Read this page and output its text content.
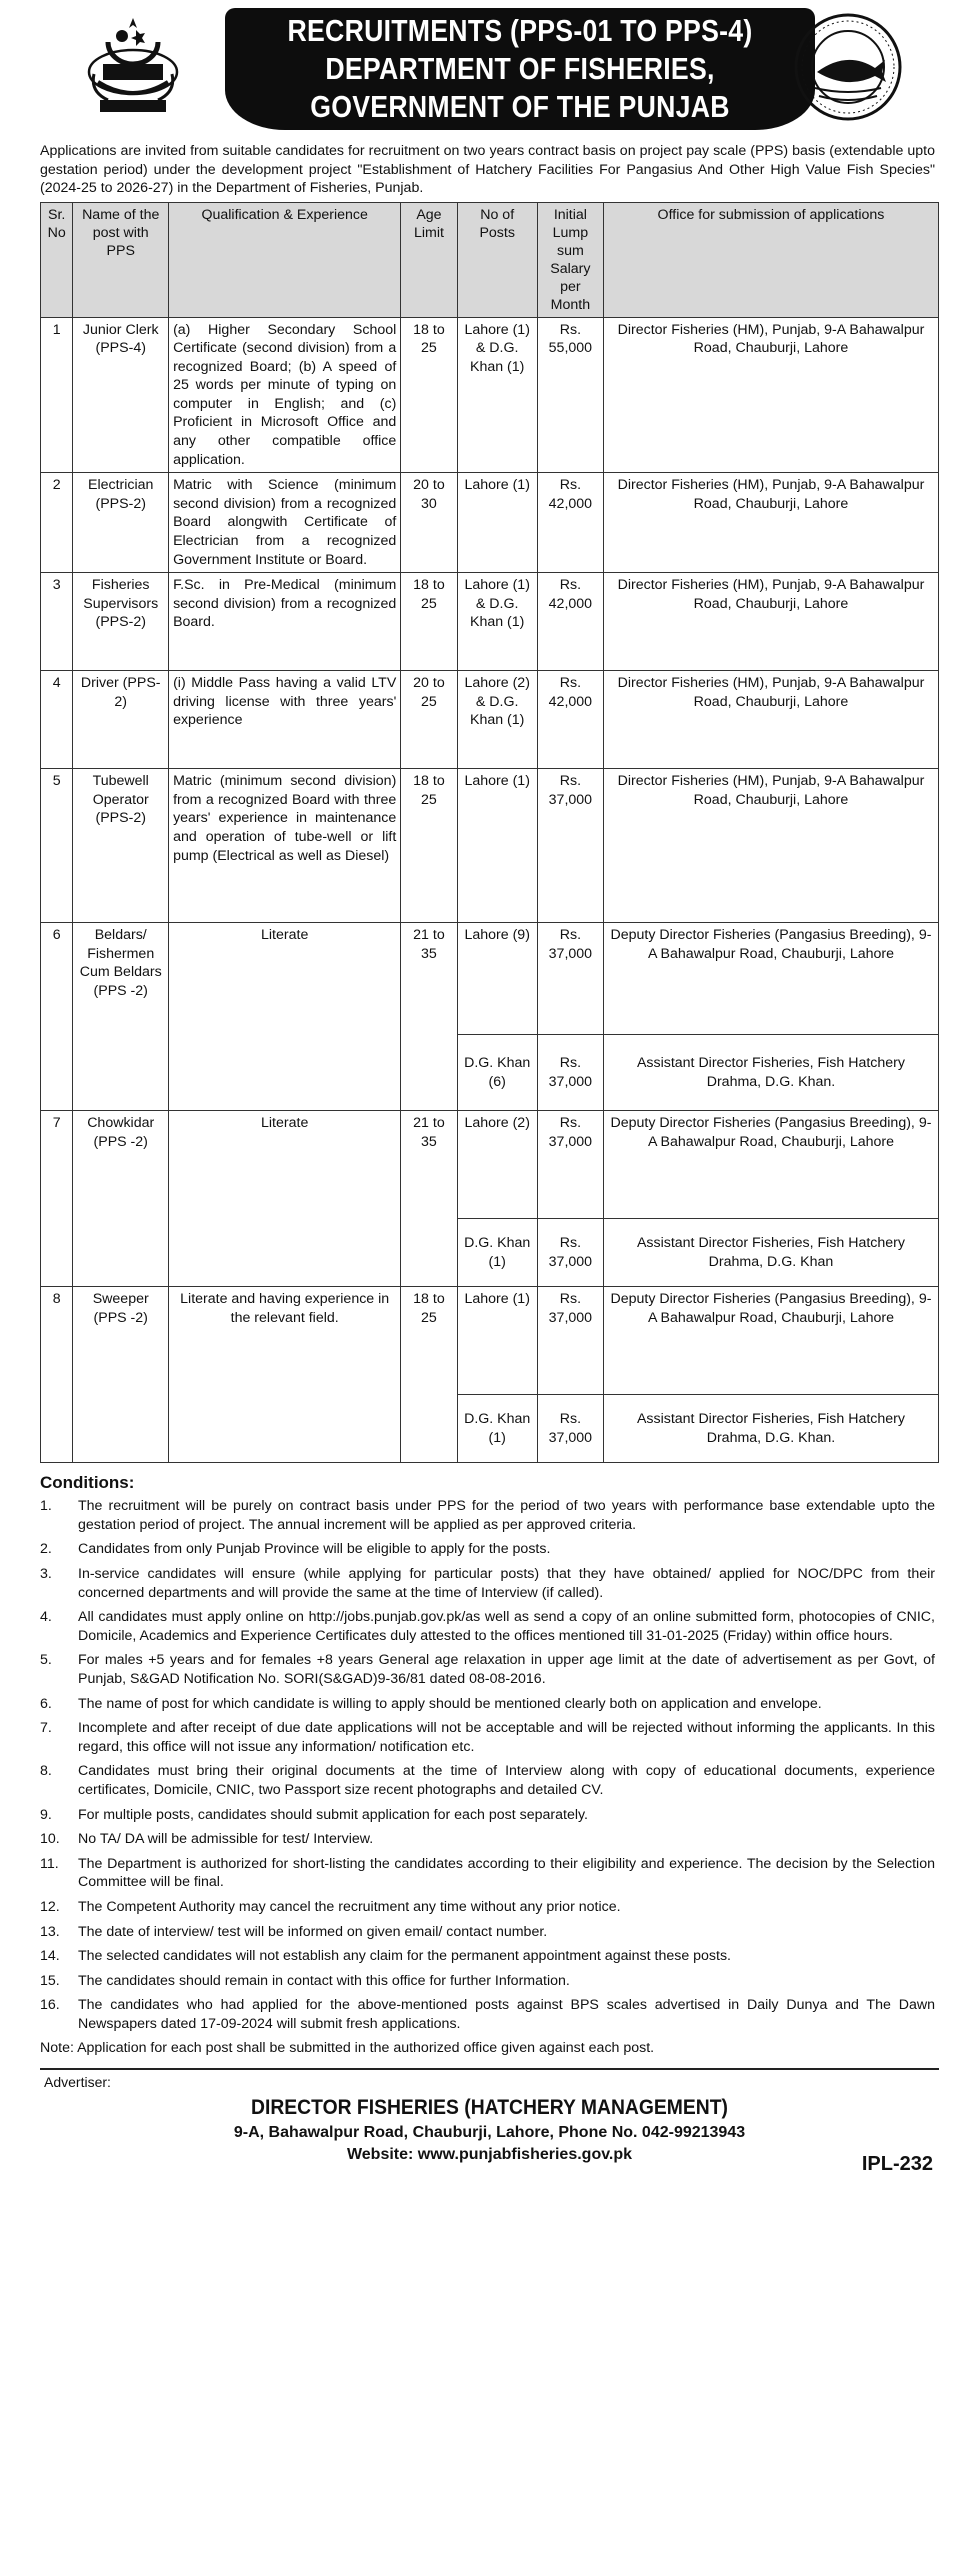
RECRUITMENTS (PPS-01 TO PPS-4)
DEPARTMENT OF FISHERIES,
GOVERNMENT OF THE PUNJAB

Applications are invited from suitable candidates for recruitment on two years contract basis on project pay scale (PPS) basis (extendable upto gestation period) under the development project "Establishment of Hatchery Facilities For Pangasius And Other High Value Fish Species" (2024-25 to 2026-27) in the Department of Fisheries, Punjab.

Sr. No	Name of the post with PPS	Qualification & Experience	Age Limit	No of Posts	Initial Lump sum Salary per Month	Office for submission of applications
1	Junior Clerk (PPS-4)	(a) Higher Secondary School Certificate (second division) from a recognized Board; (b) A speed of 25 words per minute of typing on computer in English; and (c) Proficient in Microsoft Office and any other compatible office application.	18 to 25	Lahore (1) & D.G. Khan (1)	Rs. 55,000	Director Fisheries (HM), Punjab, 9-A Bahawalpur Road, Chauburji, Lahore
2	Electrician (PPS-2)	Matric with Science (minimum second division) from a recognized Board alongwith Certificate of Electrician from a recognized Government Institute or Board.	20 to 30	Lahore (1)	Rs. 42,000	Director Fisheries (HM), Punjab, 9-A Bahawalpur Road, Chauburji, Lahore
3	Fisheries Supervisors (PPS-2)	F.Sc. in Pre-Medical (minimum second division) from a recognized Board.	18 to 25	Lahore (1) & D.G. Khan (1)	Rs. 42,000	Director Fisheries (HM), Punjab, 9-A Bahawalpur Road, Chauburji, Lahore
4	Driver (PPS-2)	(i) Middle Pass having a valid LTV driving license with three years' experience	20 to 25	Lahore (2) & D.G. Khan (1)	Rs. 42,000	Director Fisheries (HM), Punjab, 9-A Bahawalpur Road, Chauburji, Lahore
5	Tubewell Operator (PPS-2)	Matric (minimum second division) from a recognized Board with three years' experience in maintenance and operation of tube-well or lift pump (Electrical as well as Diesel)	18 to 25	Lahore (1)	Rs. 37,000	Director Fisheries (HM), Punjab, 9-A Bahawalpur Road, Chauburji, Lahore
6	Beldars/ Fishermen Cum Beldars (PPS -2)	Literate	21 to 35	Lahore (9)	Rs. 37,000	Deputy Director Fisheries (Pangasius Breeding), 9-A Bahawalpur Road, Chauburji, Lahore
				D.G. Khan (6)	Rs. 37,000	Assistant Director Fisheries, Fish Hatchery Drahma, D.G. Khan.
7	Chowkidar (PPS -2)	Literate	21 to 35	Lahore (2)	Rs. 37,000	Deputy Director Fisheries (Pangasius Breeding), 9-A Bahawalpur Road, Chauburji, Lahore
				D.G. Khan (1)	Rs. 37,000	Assistant Director Fisheries, Fish Hatchery Drahma, D.G. Khan
8	Sweeper (PPS -2)	Literate and having experience in the relevant field.	18 to 25	Lahore (1)	Rs. 37,000	Deputy Director Fisheries (Pangasius Breeding), 9-A Bahawalpur Road, Chauburji, Lahore
				D.G. Khan (1)	Rs. 37,000	Assistant Director Fisheries, Fish Hatchery Drahma, D.G. Khan.
Conditions:
1.	The recruitment will be purely on contract basis under PPS for the period of two years with performance base extendable upto the gestation period of project. The annual increment will be applied as per approved criteria.
2.	Candidates from only Punjab Province will be eligible to apply for the posts.
3.	In-service candidates will ensure (while applying for particular posts) that they have obtained/ applied for NOC/DPC from their concerned departments and will provide the same at the time of Interview (if called).
4.	All candidates must apply online on http://jobs.punjab.gov.pk/as well as send a copy of an online submitted form, photocopies of CNIC, Domicile, Academics and Experience Certificates duly attested to the offices mentioned till 31-01-2025 (Friday) within office hours.
5.	For males +5 years and for females +8 years General age relaxation in upper age limit at the date of advertisement as per Govt, of Punjab, S&GAD Notification No. SORI(S&GAD)9-36/81 dated 08-08-2016.
6.	The name of post for which candidate is willing to apply should be mentioned clearly both on application and envelope.
7.	Incomplete and after receipt of due date applications will not be acceptable and will be rejected without informing the applicants. In this regard, this office will not issue any information/ notification etc.
8.	Candidates must bring their original documents at the time of Interview along with copy of educational documents, experience certificates, Domicile, CNIC, two Passport size recent photographs and detailed CV.
9.	For multiple posts, candidates should submit application for each post separately.
10.	No TA/ DA will be admissible for test/ Interview.
11.	The Department is authorized for short-listing the candidates according to their eligibility and experience. The decision by the Selection Committee will be final.
12.	The Competent Authority may cancel the recruitment any time without any prior notice.
13.	The date of interview/ test will be informed on given email/ contact number.
14.	The selected candidates will not establish any claim for the permanent appointment against these posts.
15.	The candidates should remain in contact with this office for further Information.
16.	The candidates who had applied for the above-mentioned posts against BPS scales advertised in Daily Dunya and The Dawn Newspapers dated 17-09-2024 will submit fresh applications.
Note: Application for each post shall be submitted in the authorized office given against each post.
Advertiser:
DIRECTOR FISHERIES (HATCHERY MANAGEMENT)
9-A, Bahawalpur Road, Chauburji, Lahore, Phone No. 042-99213943
Website: www.punjabfisheries.gov.pk	IPL-232
